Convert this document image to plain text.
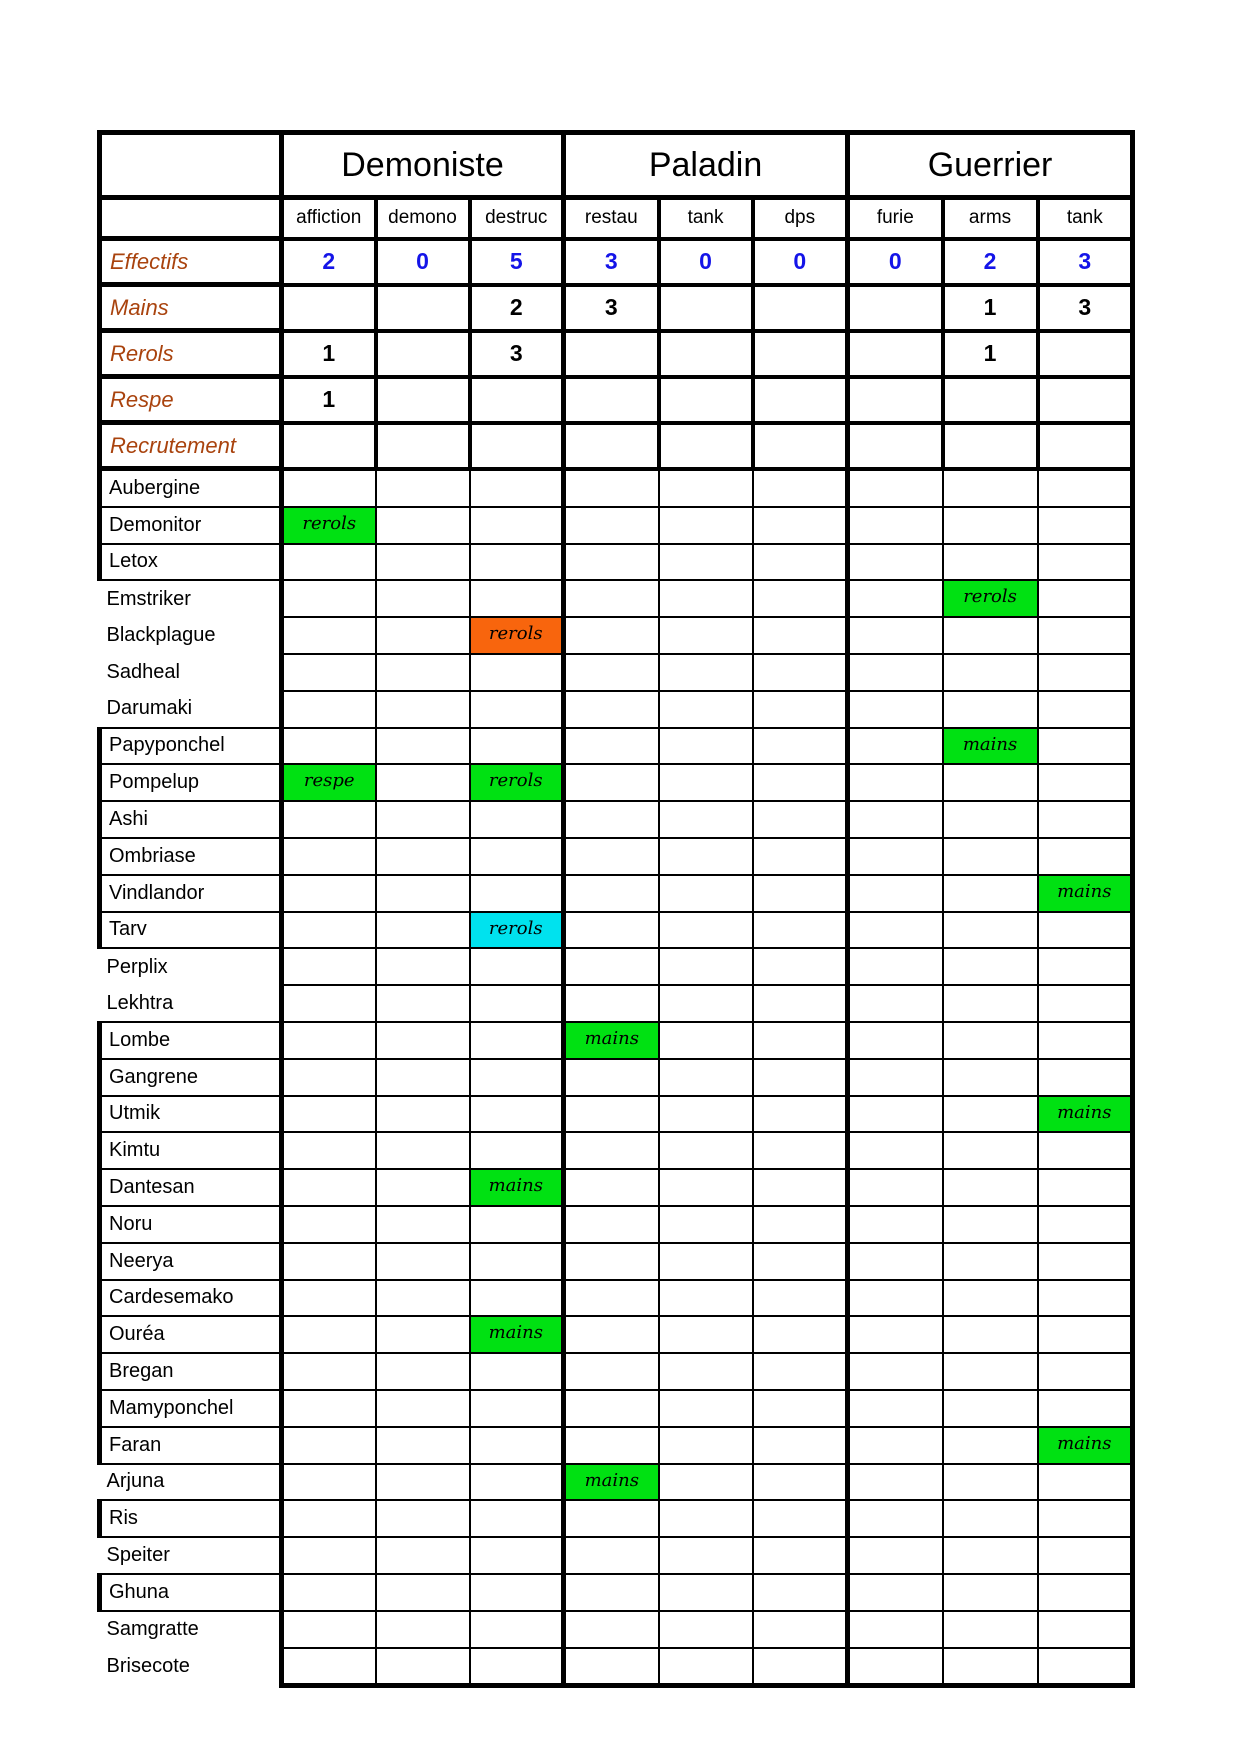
	Demoniste			Paladin			Guerrier		
	affiction	demono	destruc	restau	tank	dps	furie	arms	tank
Effectifs	2	0	5	3	0	0	0	2	3
Mains			2	3				1	3
Rerols	1		3					1	
Respe	1								
Recrutement									
Aubergine									
Demonitor	rerols								

Letox									
Emstriker								rerols	

Blackplague			rerols						

Sadheal									
Darumaki									
Papyponchel								mains	

Pompelup	respe		rerols						

Ashi									
Ombriase									
Vindlandor									mains

Tarv			rerols						

Perplix									
Lekhtra									
Lombe				mains					

Gangrene									
Utmik									mains

Kimtu									
Dantesan			mains						

Noru									
Neerya									
Cardesemako									
Ouréa			mains						

Bregan									
Mamyponchel									
Faran									mains

Arjuna				mains					

Ris									
Speiter									
Ghuna									
Samgratte									
Brisecote									
